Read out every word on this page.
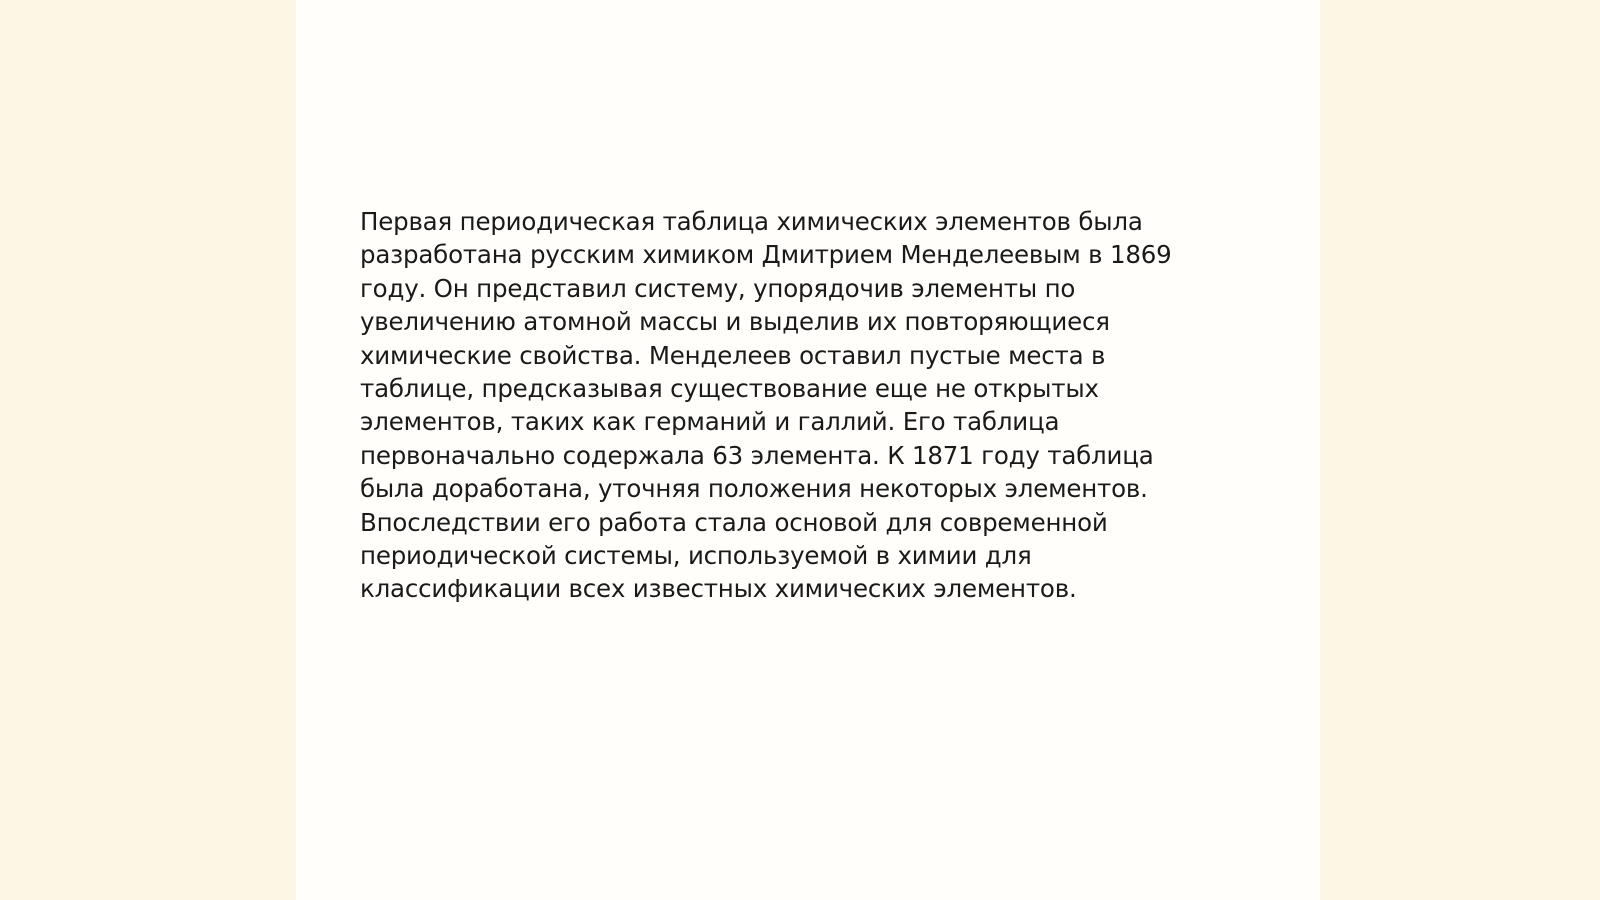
Первая периодическая таблица химических элементов была
разработана русским химиком Дмитрием Менделеевым в 1869
году. Он представил систему, упорядочив элементы по
увеличению атомной массы и выделив их повторяющиеся
химические свойства. Менделеев оставил пустые места в
таблице, предсказывая существование еще не открытых
элементов, таких как германий и галлий. Его таблица
первоначально содержала 63 элемента. К 1871 году таблица
была доработана, уточняя положения некоторых элементов.
Впоследствии его работа стала основой для современной
периодической системы, используемой в химии для
классификации всех известных химических элементов.
